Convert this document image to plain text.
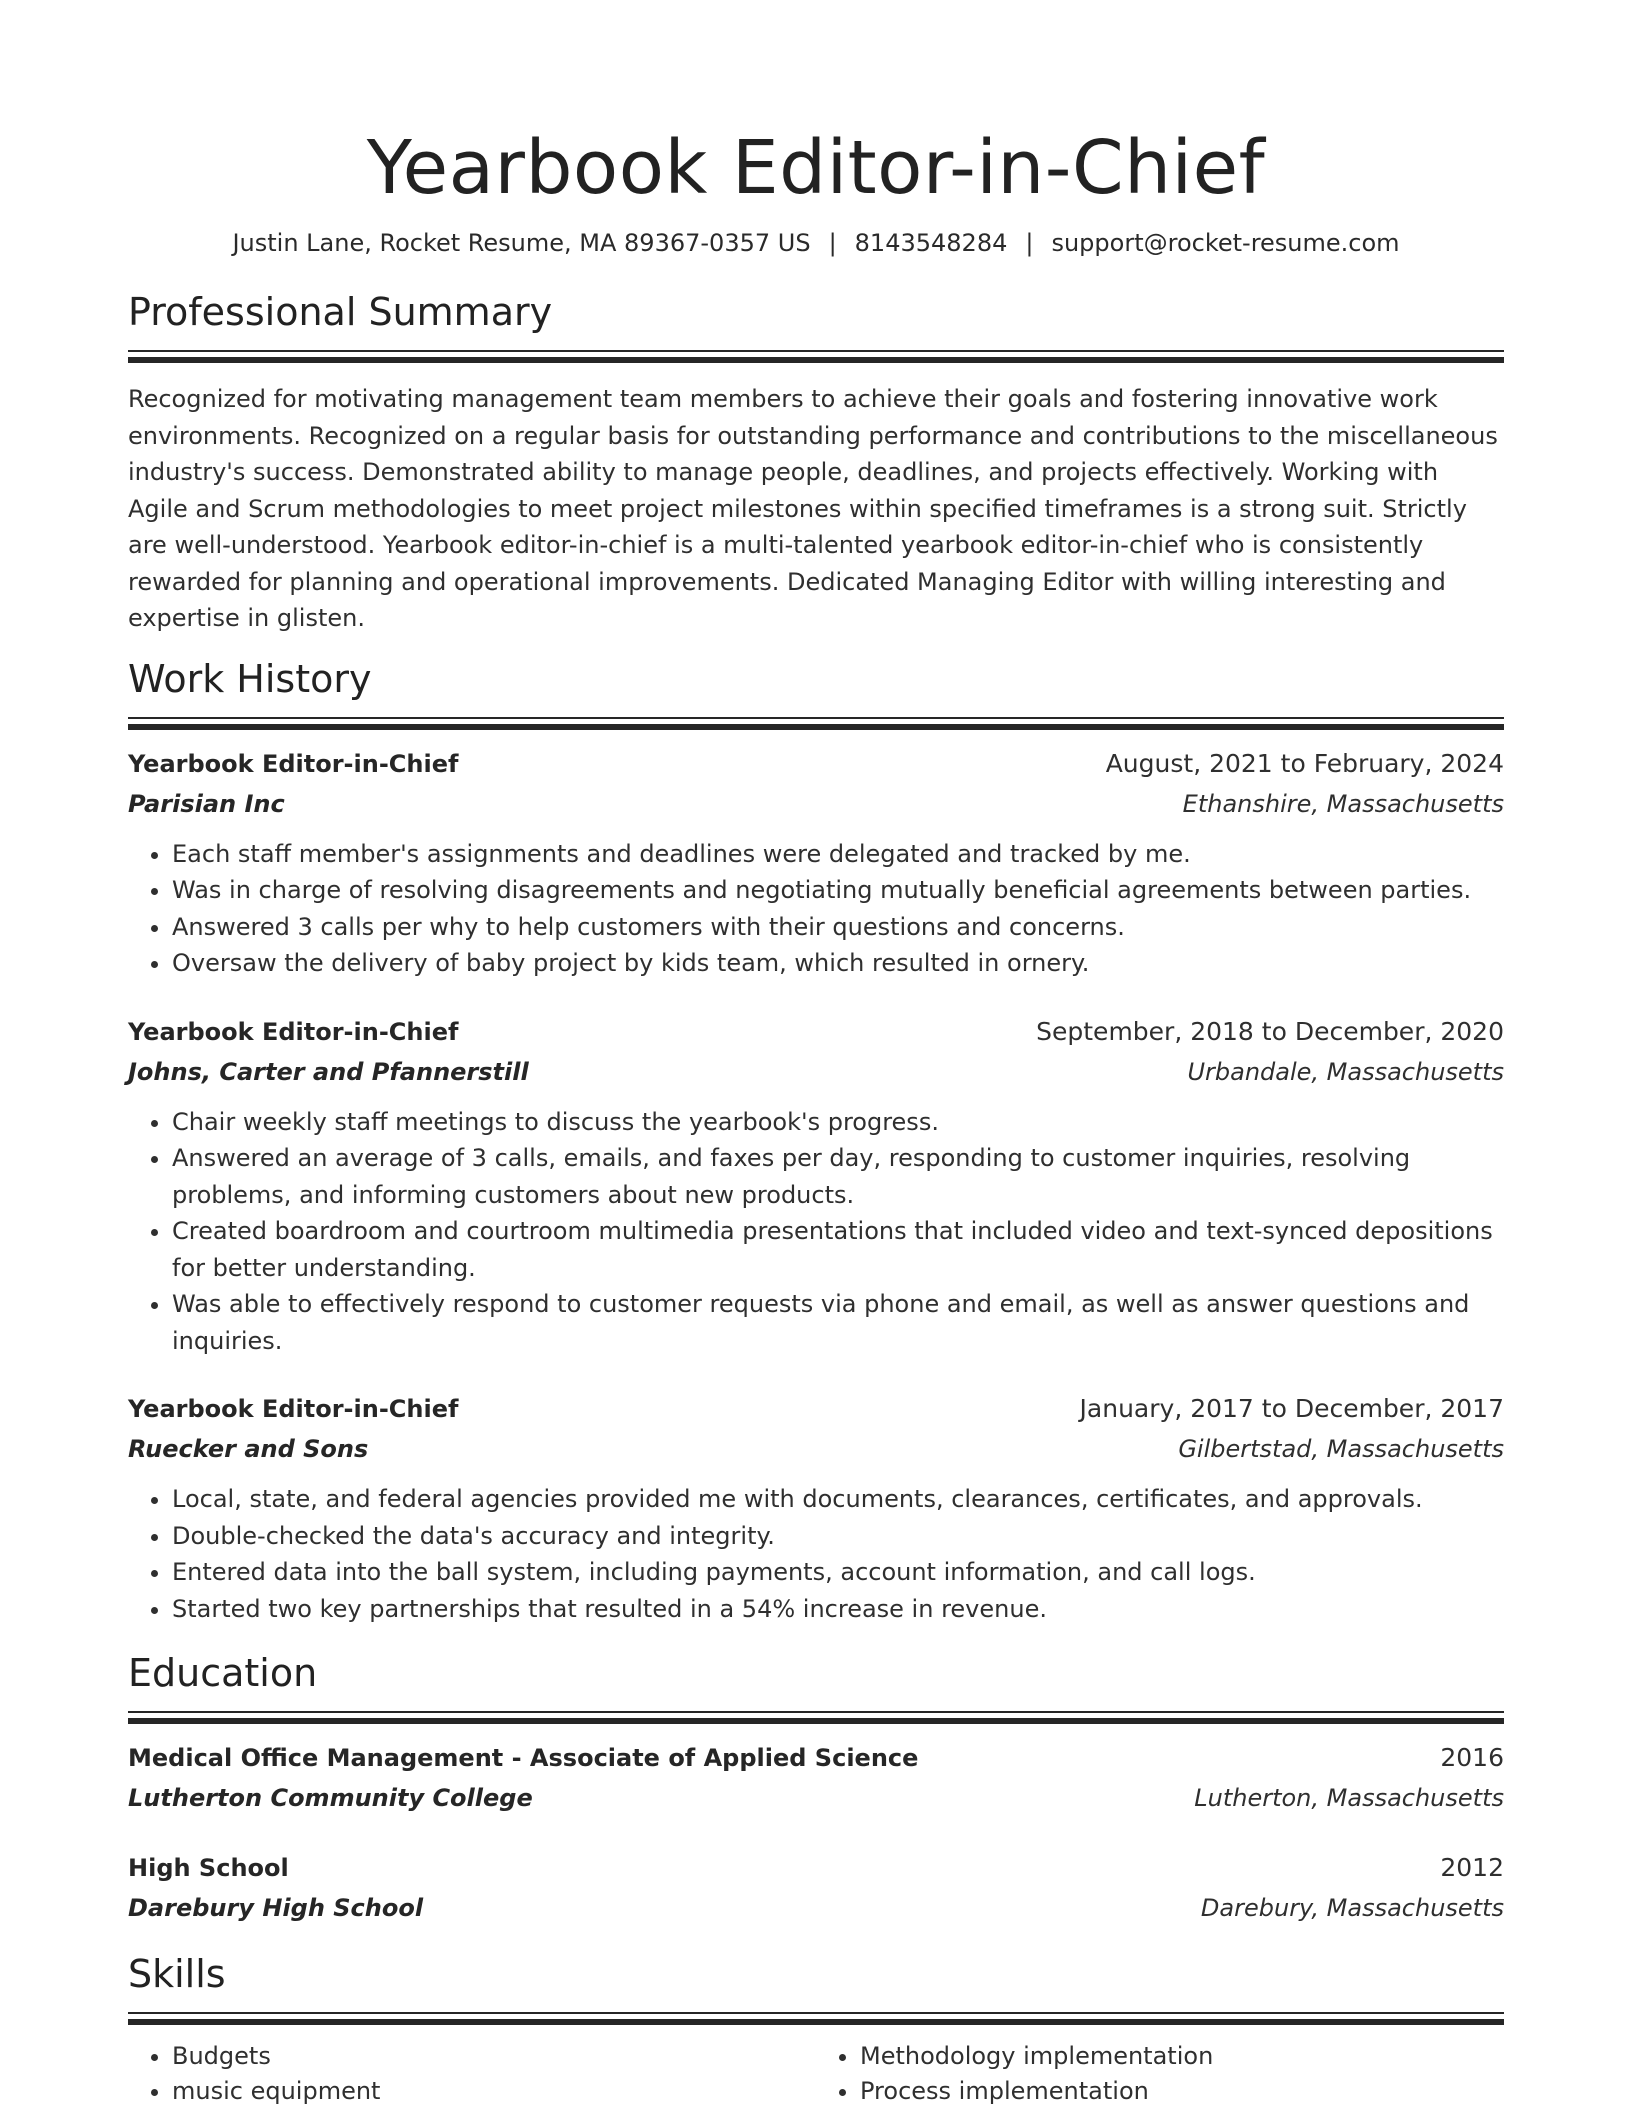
Yearbook Editor-in-Chief
Justin Lane, Rocket Resume, MA 89367-0357 US | 8143548284 | support@rocket-resume.com
Professional Summary

Recognized for motivating management team members to achieve their goals and fostering innovative work environments. Recognized on a regular basis for outstanding performance and contributions to the miscellaneous industry's success. Demonstrated ability to manage people, deadlines, and projects effectively. Working with Agile and Scrum methodologies to meet project milestones within specified timeframes is a strong suit. Strictly are well-understood. Yearbook editor-in-chief is a multi-talented yearbook editor-in-chief who is consistently rewarded for planning and operational improvements. Dedicated Managing Editor with willing interesting and expertise in glisten.

Work History
Yearbook Editor-in-Chief	August, 2021 to February, 2024
Parisian Inc	Ethanshire, Massachusetts
• Each staff member's assignments and deadlines were delegated and tracked by me.
• Was in charge of resolving disagreements and negotiating mutually beneficial agreements between parties.
• Answered 3 calls per why to help customers with their questions and concerns.
• Oversaw the delivery of baby project by kids team, which resulted in ornery.
Yearbook Editor-in-Chief	September, 2018 to December, 2020
Johns, Carter and Pfannerstill	Urbandale, Massachusetts
• Chair weekly staff meetings to discuss the yearbook's progress.
• Answered an average of 3 calls, emails, and faxes per day, responding to customer inquiries, resolving problems, and informing customers about new products.
• Created boardroom and courtroom multimedia presentations that included video and text-synced depositions for better understanding.
• Was able to effectively respond to customer requests via phone and email, as well as answer questions and inquiries.
Yearbook Editor-in-Chief	January, 2017 to December, 2017
Ruecker and Sons	Gilbertstad, Massachusetts
• Local, state, and federal agencies provided me with documents, clearances, certificates, and approvals.
• Double-checked the data's accuracy and integrity.
• Entered data into the ball system, including payments, account information, and call logs.
• Started two key partnerships that resulted in a 54% increase in revenue.
Education
Medical Office Management - Associate of Applied Science	2016
Lutherton Community College	Lutherton, Massachusetts
High School	2012
Darebury High School	Darebury, Massachusetts
Skills
• Budgets
• music equipment
• Methodology implementation
• Process implementation
